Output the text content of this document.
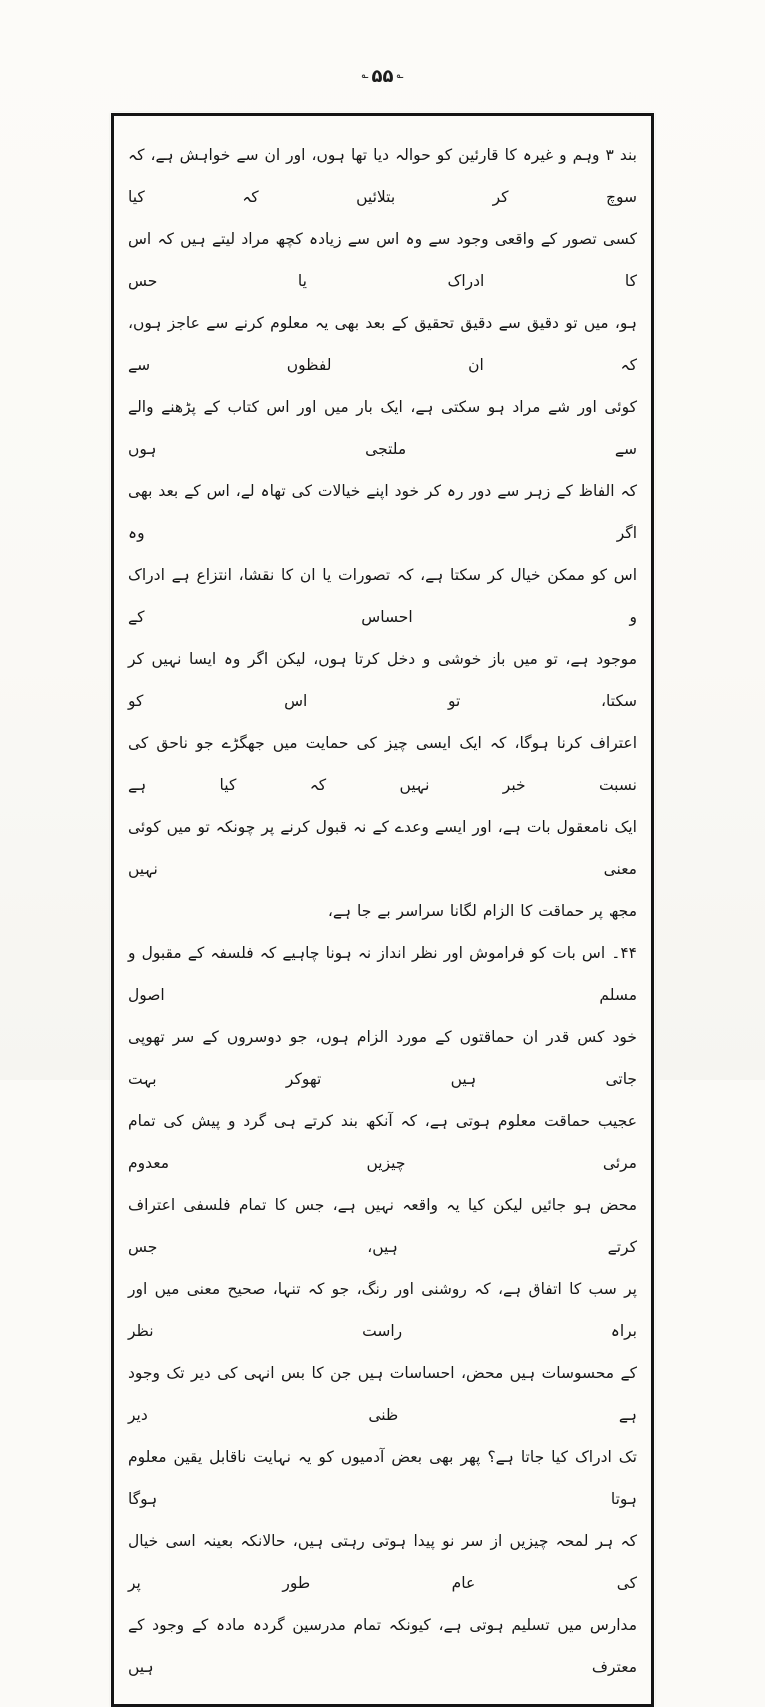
؎۵۵؎
بند ۳ وہم و غیرہ کا قارئین کو حوالہ دیا تھا ہوں، اور ان سے خواہش ہے، کہ سوچ کر بتلائیں کہ کیا
کسی تصور کے واقعی وجود سے وہ اس سے زیادہ کچھ مراد لیتے ہیں کہ اس کا ادراک یا حس
ہو، میں تو دقیق سے دقیق تحقیق کے بعد بھی یہ معلوم کرنے سے عاجز ہوں، کہ ان لفظوں سے
کوئی اور شے مراد ہو سکتی ہے، ایک بار میں اور اس کتاب کے پڑھنے والے سے ملتجی ہوں
کہ الفاظ کے زہر سے دور رہ کر خود اپنے خیالات کی تھاہ لے، اس کے بعد بھی اگر وہ
اس کو ممکن خیال کر سکتا ہے، کہ تصورات یا ان کا نقشا، انتزاع ہے ادراک و احساس کے
موجود ہے، تو میں باز خوشی و دخل کرتا ہوں، لیکن اگر وہ ایسا نہیں کر سکتا، تو اس کو
اعتراف کرنا ہوگا، کہ ایک ایسی چیز کی حمایت میں جھگڑے جو ناحق کی نسبت خبر نہیں کہ کیا ہے
ایک نامعقول بات ہے، اور ایسے وعدے کے نہ قبول کرنے پر چونکہ تو میں کوئی معنی نہیں
مجھ پر حماقت کا الزام لگانا سراسر بے جا ہے،
۴۴۔ اس بات کو فراموش اور نظر انداز نہ ہونا چاہیے کہ فلسفہ کے مقبول و مسلم اصول
خود کس قدر ان حماقتوں کے مورد الزام ہوں، جو دوسروں کے سر تھوپی جاتی ہیں تھوکر بہت
عجیب حماقت معلوم ہوتی ہے، کہ آنکھ بند کرتے ہی گرد و پیش کی تمام مرئی چیزیں معدوم
محض ہو جائیں لیکن کیا یہ واقعہ نہیں ہے، جس کا تمام فلسفی اعتراف کرتے ہیں، جس
پر سب کا اتفاق ہے، کہ روشنی اور رنگ، جو کہ تنہا، صحیح معنی میں اور براہ راست نظر
کے محسوسات ہیں محض، احساسات ہیں جن کا بس انہی کی دیر تک وجود ہے ظنی دیر
تک ادراک کیا جاتا ہے؟ پھر بھی بعض آدمیوں کو یہ نہایت ناقابل یقین معلوم ہوتا ہوگا
کہ ہر لمحہ چیزیں از سر نو پیدا ہوتی رہتی ہیں، حالانکہ بعینہ اسی خیال کی عام طور پر
مدارس میں تسلیم ہوتی ہے، کیونکہ تمام مدرسین گردہ مادہ کے وجود کے معترف ہیں
